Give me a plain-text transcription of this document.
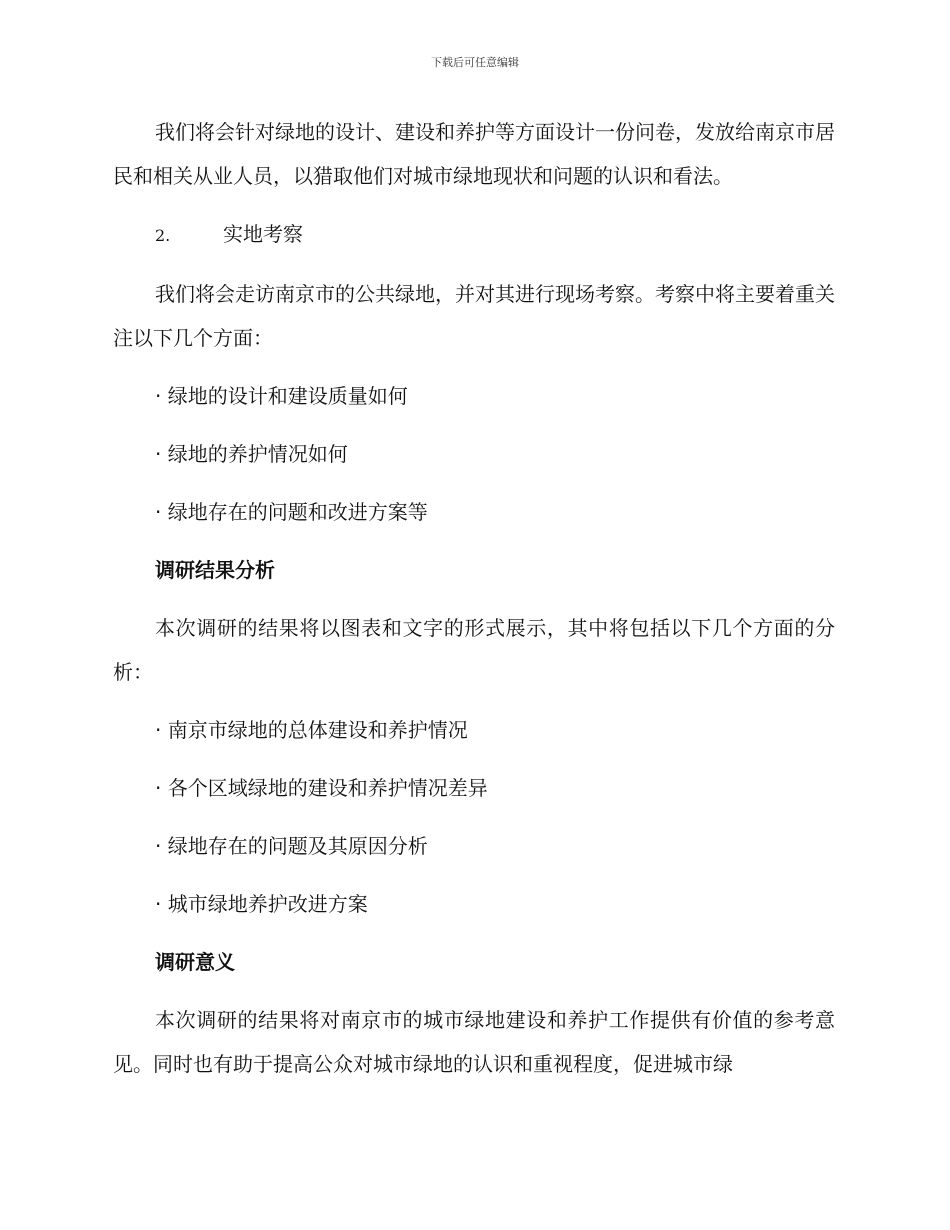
下载后可任意编辑

我们将会针对绿地的设计、建设和养护等方面设计一份问卷，发放给南京市居民和相关从业人员，以猎取他们对城市绿地现状和问题的认识和看法。

2.	实地考察

我们将会走访南京市的公共绿地，并对其进行现场考察。考察中将主要着重关注以下几个方面：

· 绿地的设计和建设质量如何
· 绿地的养护情况如何
· 绿地存在的问题和改进方案等
调研结果分析

本次调研的结果将以图表和文字的形式展示，其中将包括以下几个方面的分析：

· 南京市绿地的总体建设和养护情况
· 各个区域绿地的建设和养护情况差异
· 绿地存在的问题及其原因分析
· 城市绿地养护改进方案
调研意义

本次调研的结果将对南京市的城市绿地建设和养护工作提供有价值的参考意见。同时也有助于提高公众对城市绿地的认识和重视程度，促进城市绿
